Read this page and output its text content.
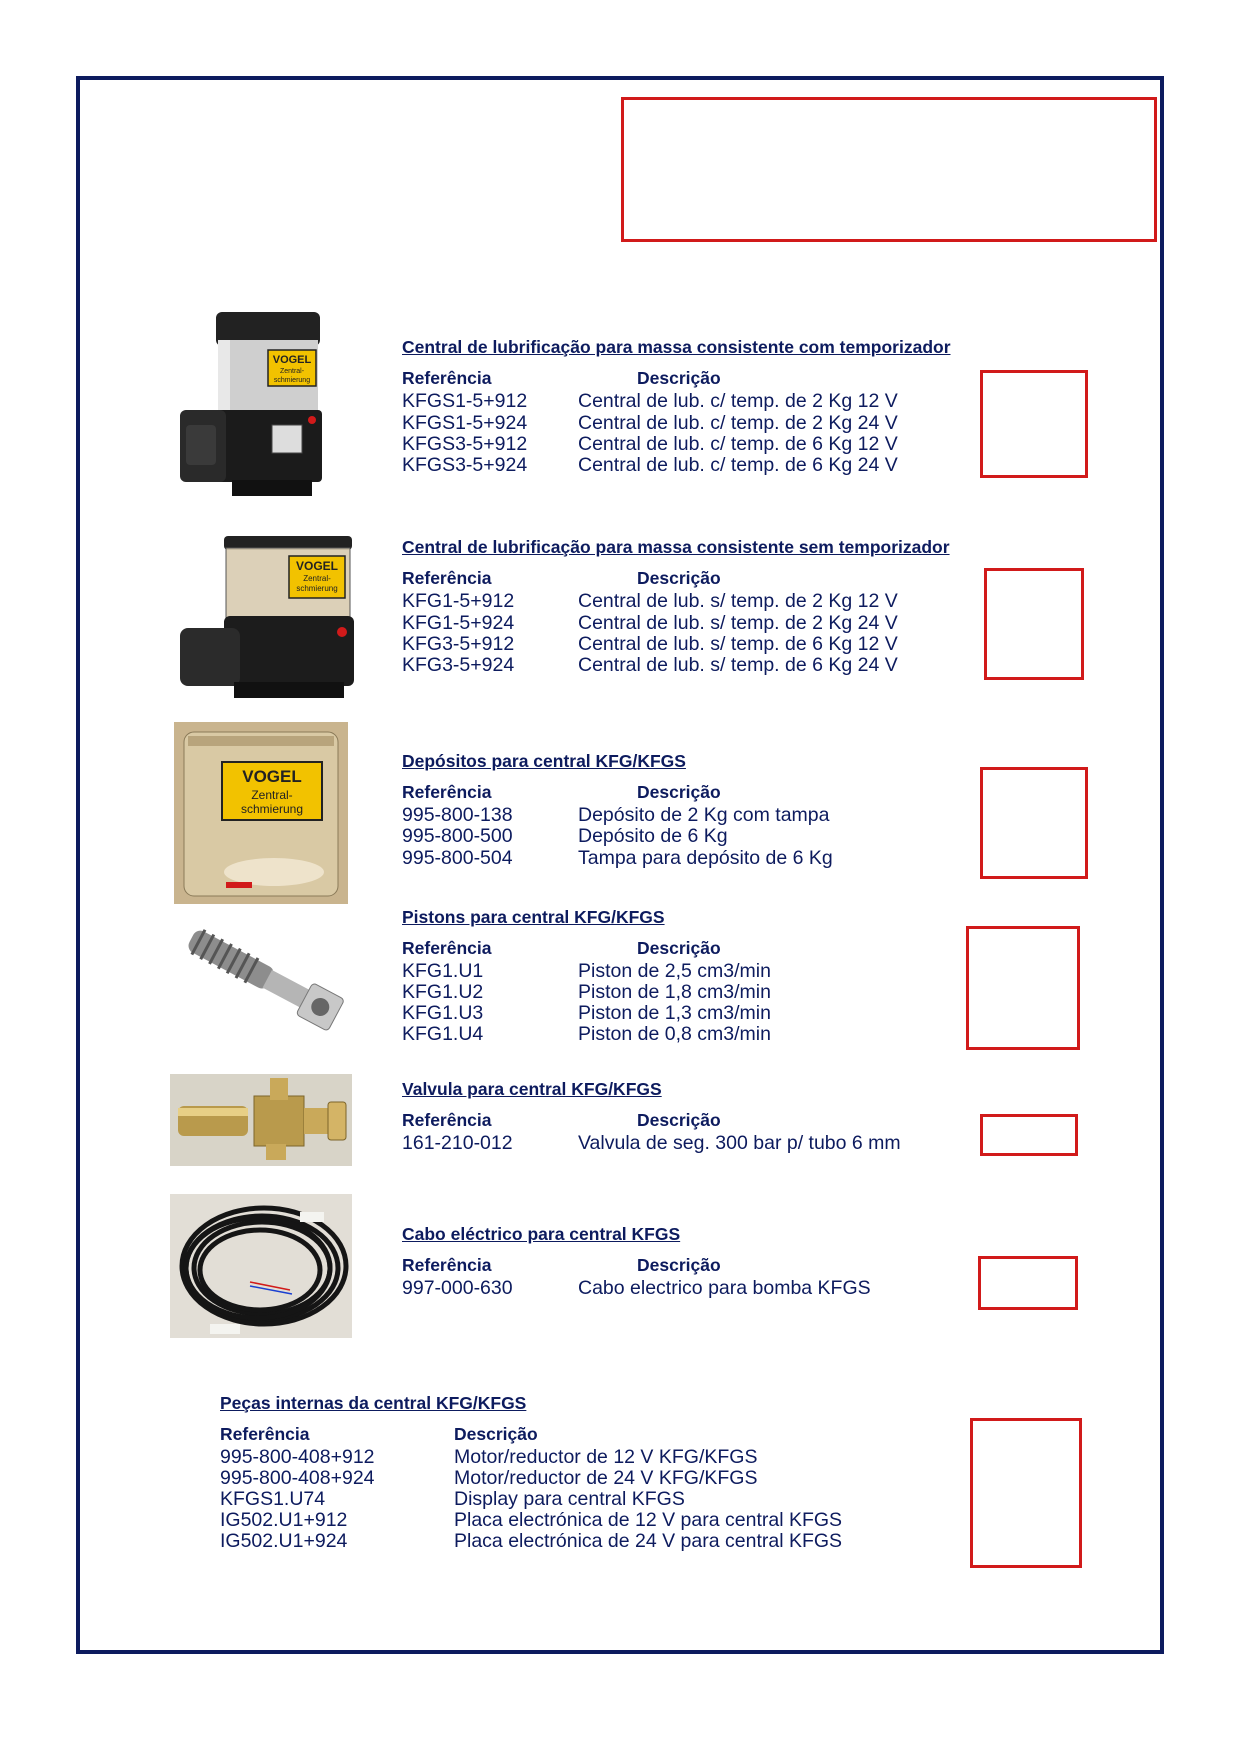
VOGEL
Zentral-
schmierung
Central de lubrificação para massa consistente com temporizador
Referência	Descrição
KFGS1-5+912	Central de lub. c/ temp. de 2 Kg 12 V
KFGS1-5+924	Central de lub. c/ temp. de 2 Kg 24 V
KFGS3-5+912	Central de lub. c/ temp. de 6 Kg 12 V
KFGS3-5+924	Central de lub. c/ temp. de 6 Kg 24 V
VOGEL
Zentral-
schmierung
Central de lubrificação para massa consistente sem temporizador
Referência	Descrição
KFG1-5+912	Central de lub. s/ temp. de 2 Kg 12 V
KFG1-5+924	Central de lub. s/ temp. de 2 Kg 24 V
KFG3-5+912	Central de lub. s/ temp. de 6 Kg 12 V
KFG3-5+924	Central de lub. s/ temp. de 6 Kg 24 V
VOGEL
Zentral-
schmierung
Depósitos para central KFG/KFGS
Referência	Descrição
995-800-138	Depósito de 2 Kg com tampa
995-800-500	Depósito de 6 Kg
995-800-504	Tampa para depósito de 6 Kg
Pistons para central KFG/KFGS
Referência	Descrição
KFG1.U1	Piston de 2,5 cm3/min
KFG1.U2	Piston de 1,8 cm3/min
KFG1.U3	Piston de 1,3 cm3/min
KFG1.U4	Piston de 0,8 cm3/min
Valvula para central KFG/KFGS
Referência	Descrição
161-210-012	Valvula de seg. 300 bar p/ tubo 6 mm
Cabo eléctrico para central KFGS
Referência	Descrição
997-000-630	Cabo electrico para bomba KFGS
Peças internas da central KFG/KFGS
Referência	Descrição
995-800-408+912	Motor/reductor de 12 V KFG/KFGS
995-800-408+924	Motor/reductor de 24 V KFG/KFGS
KFGS1.U74	Display para central KFGS
IG502.U1+912	Placa electrónica de 12 V para central KFGS
IG502.U1+924	Placa electrónica de 24 V para central KFGS
